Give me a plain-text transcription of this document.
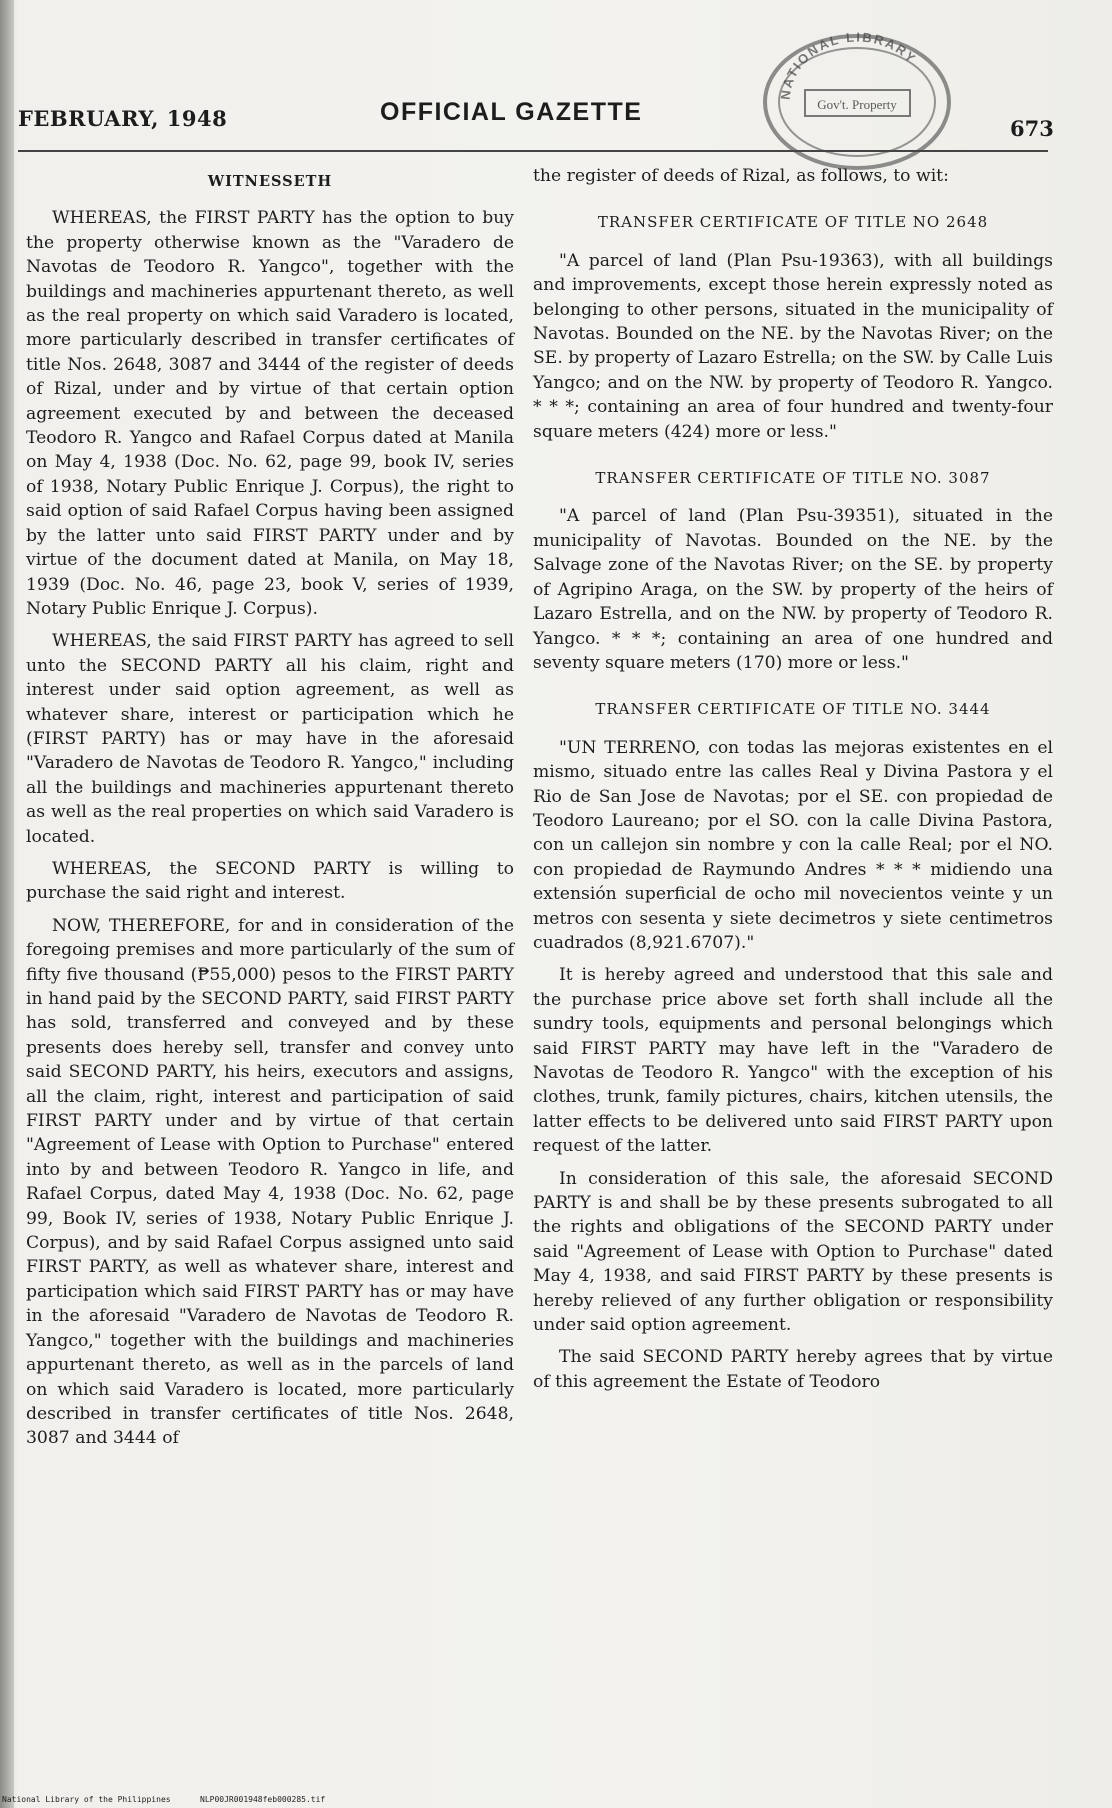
FEBRUARY, 1948	OFFICIAL GAZETTE
673
NATIONAL LIBRARY
Gov't. Property
WITNESSETH

WHEREAS, the FIRST PARTY has the option to buy the property otherwise known as the "Varadero de Navotas de Teodoro R. Yangco", together with the buildings and machineries appurtenant thereto, as well as the real property on which said Varadero is located, more particularly described in transfer certificates of title Nos. 2648, 3087 and 3444 of the register of deeds of Rizal, under and by virtue of that certain option agreement executed by and between the deceased Teodoro R. Yangco and Rafael Corpus dated at Manila on May 4, 1938 (Doc. No. 62, page 99, book IV, series of 1938, Notary Public Enrique J. Corpus), the right to said option of said Rafael Corpus having been assigned by the latter unto said FIRST PARTY under and by virtue of the document dated at Manila, on May 18, 1939 (Doc. No. 46, page 23, book V, series of 1939, Notary Public Enrique J. Corpus).

WHEREAS, the said FIRST PARTY has agreed to sell unto the SECOND PARTY all his claim, right and interest under said option agreement, as well as whatever share, interest or participation which he (FIRST PARTY) has or may have in the aforesaid "Varadero de Navotas de Teodoro R. Yangco," including all the buildings and machineries appurtenant thereto as well as the real properties on which said Varadero is located.

WHEREAS, the SECOND PARTY is willing to purchase the said right and interest.

NOW, THEREFORE, for and in consideration of the foregoing premises and more particularly of the sum of fifty five thousand (₱55,000) pesos to the FIRST PARTY in hand paid by the SECOND PARTY, said FIRST PARTY has sold, transferred and conveyed and by these presents does hereby sell, transfer and convey unto said SECOND PARTY, his heirs, executors and assigns, all the claim, right, interest and participation of said FIRST PARTY under and by virtue of that certain "Agreement of Lease with Option to Purchase" entered into by and between Teodoro R. Yangco in life, and Rafael Corpus, dated May 4, 1938 (Doc. No. 62, page 99, Book IV, series of 1938, Notary Public Enrique J. Corpus), and by said Rafael Corpus assigned unto said FIRST PARTY, as well as whatever share, interest and participation which said FIRST PARTY has or may have in the aforesaid "Varadero de Navotas de Teodoro R. Yangco," together with the buildings and machineries appurtenant thereto, as well as in the parcels of land on which said Varadero is located, more particularly described in transfer certificates of title Nos. 2648, 3087 and 3444 of

the register of deeds of Rizal, as follows, to wit:

TRANSFER CERTIFICATE OF TITLE NO 2648

"A parcel of land (Plan Psu-19363), with all buildings and improvements, except those herein expressly noted as belonging to other persons, situated in the municipality of Navotas. Bounded on the NE. by the Navotas River; on the SE. by property of Lazaro Estrella; on the SW. by Calle Luis Yangco; and on the NW. by property of Teodoro R. Yangco. * * *; containing an area of four hundred and twenty-four square meters (424) more or less."

TRANSFER CERTIFICATE OF TITLE NO. 3087

"A parcel of land (Plan Psu-39351), situated in the municipality of Navotas. Bounded on the NE. by the Salvage zone of the Navotas River; on the SE. by property of Agripino Araga, on the SW. by property of the heirs of Lazaro Estrella, and on the NW. by property of Teodoro R. Yangco. * * *; containing an area of one hundred and seventy square meters (170) more or less."

TRANSFER CERTIFICATE OF TITLE NO. 3444

"UN TERRENO, con todas las mejoras existentes en el mismo, situado entre las calles Real y Divina Pastora y el Rio de San Jose de Navotas; por el SE. con propiedad de Teodoro Laureano; por el SO. con la calle Divina Pastora, con un callejon sin nombre y con la calle Real; por el NO. con propiedad de Raymundo Andres * * * midiendo una extensión superficial de ocho mil novecientos veinte y un metros con sesenta y siete decimetros y siete centimetros cuadrados (8,921.6707)."

It is hereby agreed and understood that this sale and the purchase price above set forth shall include all the sundry tools, equipments and personal belongings which said FIRST PARTY may have left in the "Varadero de Navotas de Teodoro R. Yangco" with the exception of his clothes, trunk, family pictures, chairs, kitchen utensils, the latter effects to be delivered unto said FIRST PARTY upon request of the latter.

In consideration of this sale, the aforesaid SECOND PARTY is and shall be by these presents subrogated to all the rights and obligations of the SECOND PARTY under said "Agreement of Lease with Option to Purchase" dated May 4, 1938, and said FIRST PARTY by these presents is hereby relieved of any further obligation or responsibility under said option agreement.

The said SECOND PARTY hereby agrees that by virtue of this agreement the Estate of Teodoro

National Library of the Philippines	NLP00JR001948feb000285.tif
